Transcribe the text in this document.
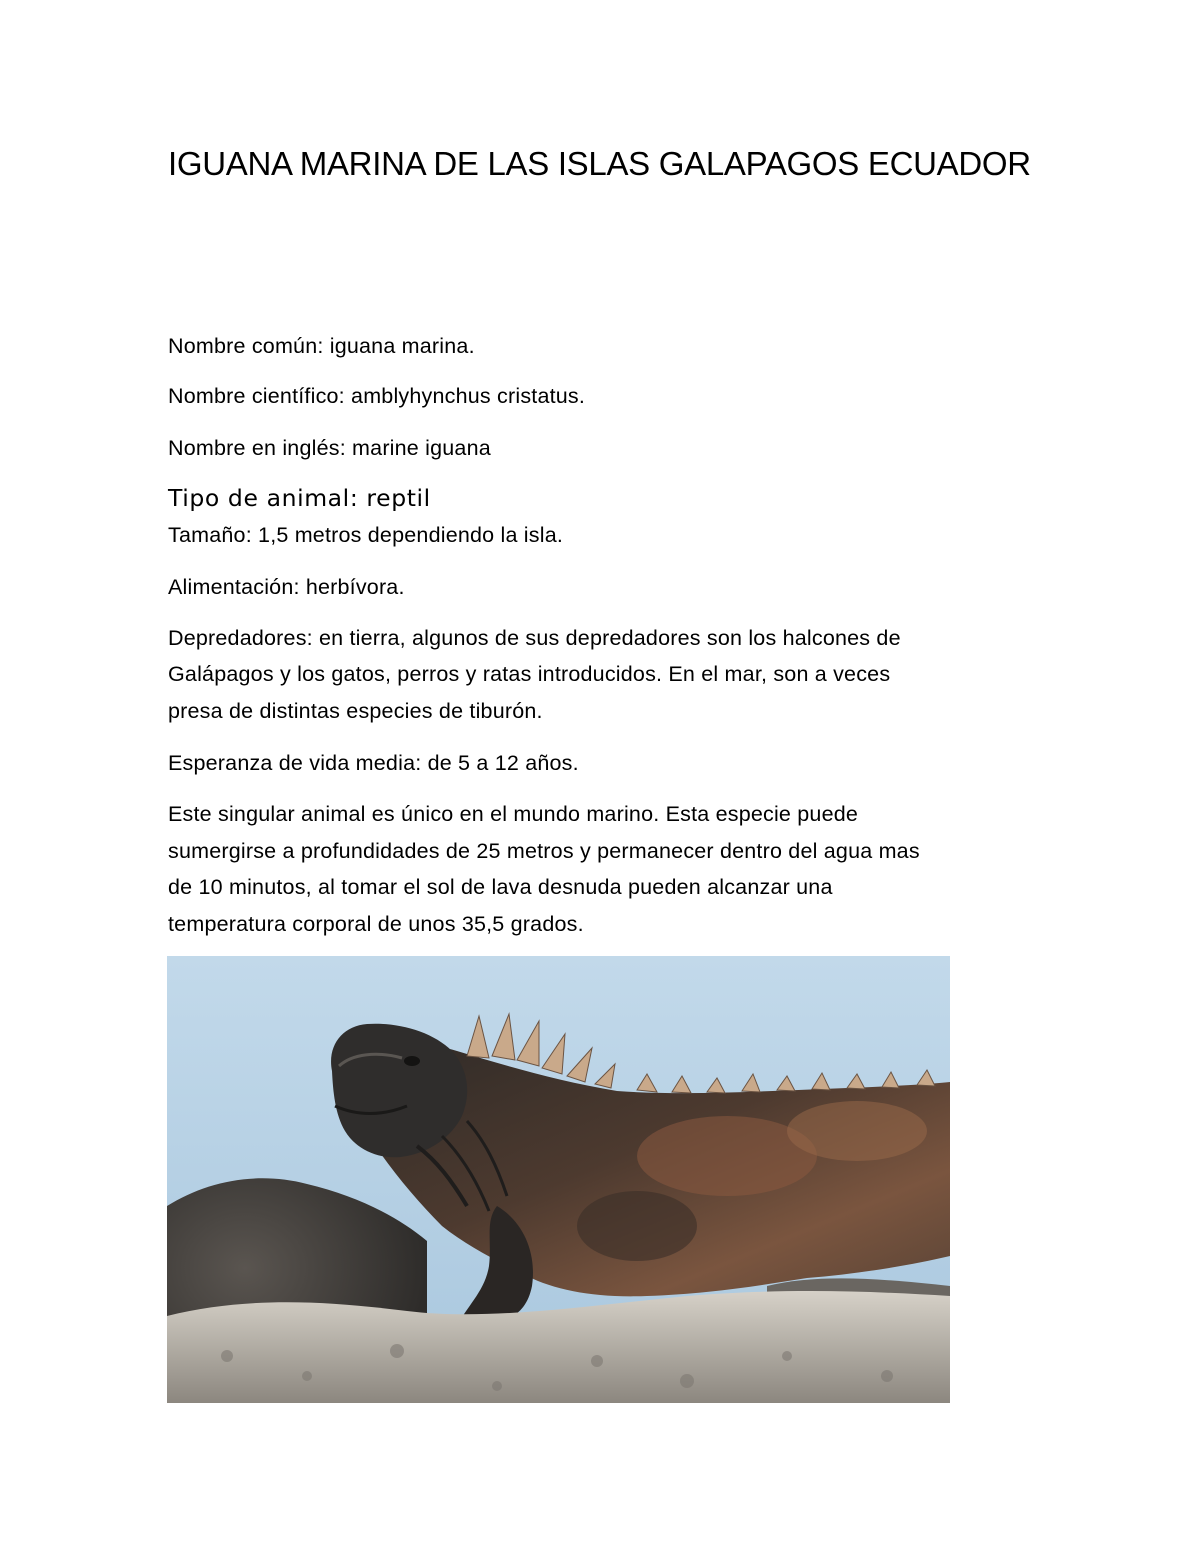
IGUANA MARINA DE LAS ISLAS GALAPAGOS ECUADOR
Nombre común: iguana marina.
Nombre científico: amblyhynchus cristatus.
Nombre en inglés: marine iguana
Tipo de animal: reptil
Tamaño: 1,5 metros dependiendo la isla.
Alimentación: herbívora.
Depredadores: en tierra, algunos de sus depredadores son los halcones de
Galápagos y los gatos, perros y ratas introducidos. En el mar, son a veces
presa de distintas especies de tiburón.
Esperanza de vida media: de 5 a 12 años.
Este singular animal es único en el mundo marino. Esta especie puede
sumergirse a profundidades de 25 metros y permanecer dentro del agua mas
de 10 minutos, al tomar el sol de lava desnuda pueden alcanzar una
temperatura corporal de unos 35,5 grados.
